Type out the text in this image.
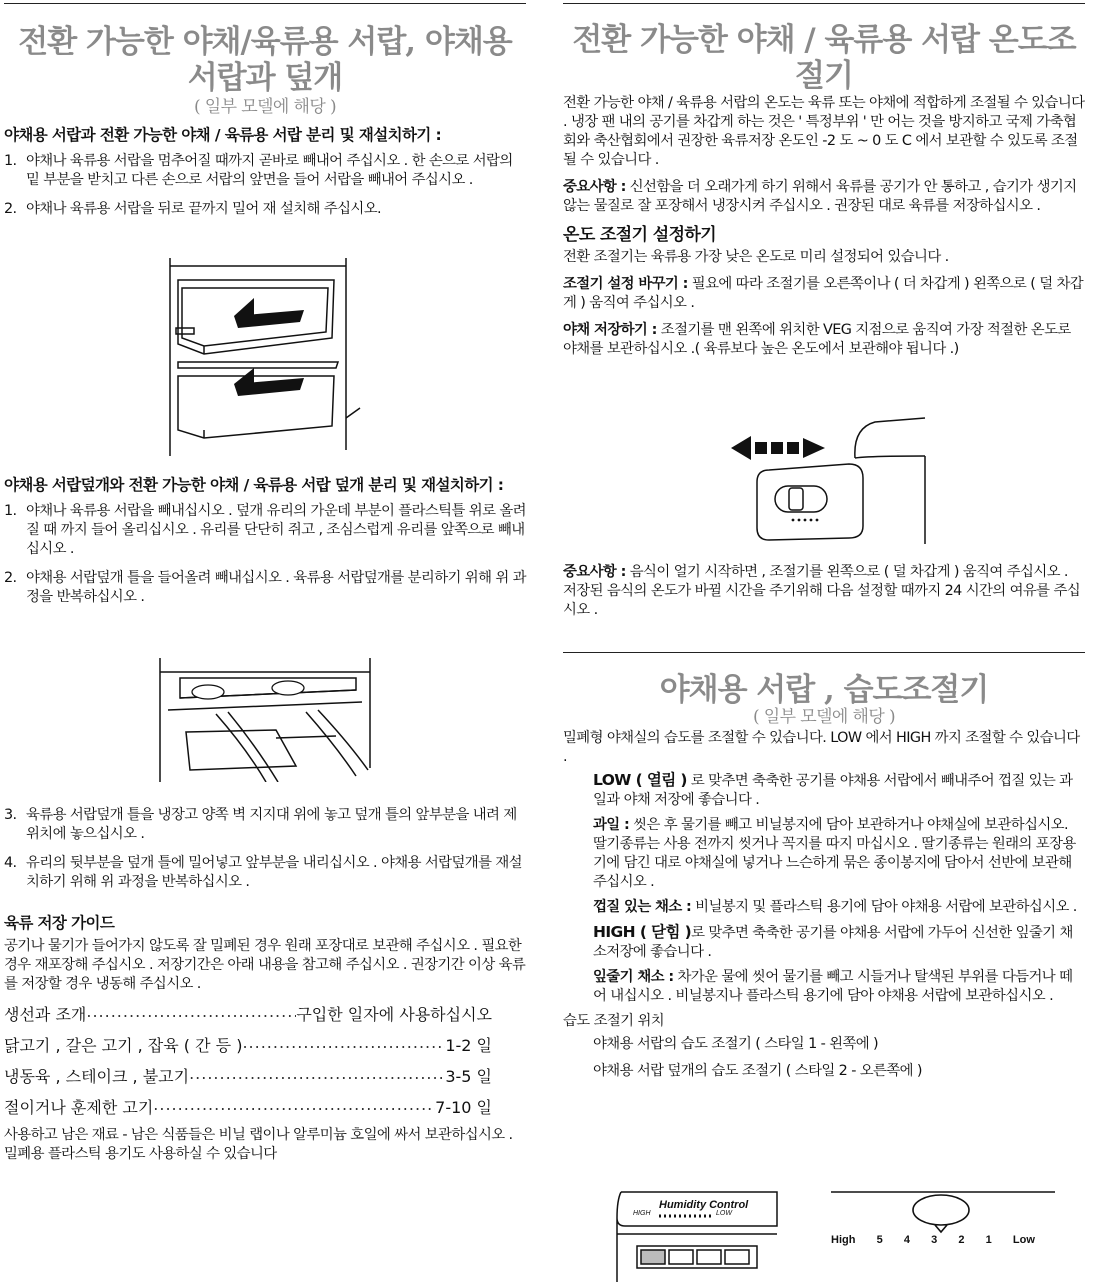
전환 가능한 야채/육류용 서랍, 야채용
서랍과 덮개

( 일부 모델에 해당 )

야채용 서랍과 전환 가능한 야채 / 육류용 서랍 분리 및 재설치하기 :

1. 야채나 육류용 서랍을 멈추어질 때까지 곧바로 빼내어 주십시오 . 한 손으로 서랍의 밑 부분을 받치고 다른 손으로 서랍의 앞면을 들어 서랍을 빼내어 주십시오 .
2. 야채나 육류용 서랍을 뒤로 끝까지 밀어 재 설치해 주십시오.

야채용 서랍덮개와 전환 가능한 야채 / 육류용 서랍 덮개 분리 및 재설치하기 :

1. 야채나 육류용 서랍을 빼내십시오 . 덮개 유리의 가운데 부분이 플라스틱틀 위로 올려질 때 까지 들어 올리십시오 . 유리를 단단히 쥐고 , 조심스럽게 유리를 앞쪽으로 빼내십시오 .
2. 야채용 서랍덮개 틀을 들어올려 빼내십시오 . 육류용 서랍덮개를 분리하기 위해 위 과정을 반복하십시오 .
3. 육류용 서랍덮개 틀을 냉장고 양쪽 벽 지지대 위에 놓고 덮개 틀의 앞부분을 내려 제 위치에 놓으십시오 .
4. 유리의 뒷부분을 덮개 틀에 밀어넣고 앞부분을 내리십시오 . 야채용 서랍덮개를 재설치하기 위해 위 과정을 반복하십시오 .

육류 저장 가이드

공기나 물기가 들어가지 않도록 잘 밀폐된 경우 원래 포장대로 보관해 주십시오 . 필요한 경우 재포장해 주십시오 . 저장기간은 아래 내용을 참고해 주십시오 . 권장기간 이상 육류를 저장할 경우 냉동해 주십시오 .

생선과 조개 .....	구입한 일자에 사용하십시오
닭고기 , 갈은 고기 , 잡육 ( 간 등 ) .....	1-2 일
냉동육 , 스테이크 , 불고기 .....	3-5 일
절이거나 훈제한 고기 .....	7-10 일

사용하고 남은 재료 - 남은 식품들은 비닐 랩이나 알루미늄 호일에 싸서 보관하십시오 . 밀폐용 플라스틱 용기도 사용하실 수 있습니다

전환 가능한 야채 / 육류용 서랍 온도조절기

전환 가능한 야채 / 육류용 서랍의 온도는 육류 또는 야채에 적합하게 조절될 수 있습니다 . 냉장 팬 내의 공기를 차갑게 하는 것은 ' 특정부위 ' 만 어는 것을 방지하고 국제 가축협회와 축산협회에서 권장한 육류저장 온도인 -2 도 ~ 0 도 C 에서 보관할 수 있도록 조절될 수 있습니다 .

중요사항 : 신선함을 더 오래가게 하기 위해서 육류를 공기가 안 통하고 , 습기가 생기지 않는 물질로 잘 포장해서 냉장시켜 주십시오 . 권장된 대로 육류를 저장하십시오 .

온도 조절기 설정하기

전환 조절기는 육류용 가장 낮은 온도로 미리 설정되어 있습니다 .

조절기 설정 바꾸기 : 필요에 따라 조절기를 오른쪽이나 ( 더 차갑게 ) 왼쪽으로 ( 덜 차갑게 ) 움직여 주십시오 .

야채 저장하기 : 조절기를 맨 왼쪽에 위치한 VEG 지점으로 움직여 가장 적절한 온도로 야채를 보관하십시오 .( 육류보다 높은 온도에서 보관해야 됩니다 .)

중요사항 : 음식이 얼기 시작하면 , 조절기를 왼쪽으로 ( 덜 차갑게 ) 움직여 주십시오 . 저장된 음식의 온도가 바뀔 시간을 주기위해 다음 설정할 때까지 24 시간의 여유를 주십시오 .

야채용 서랍 , 습도조절기

( 일부 모델에 해당 )

밀폐형 야채실의 습도를 조절할 수 있습니다. LOW 에서 HIGH 까지 조절할 수 있습니다 .

LOW ( 열림 ) 로 맞추면 축축한 공기를 야채용 서랍에서 빼내주어 껍질 있는 과일과 야채 저장에 좋습니다 .

과일 : 씻은 후 물기를 빼고 비닐봉지에 담아 보관하거나 야채실에 보관하십시오. 딸기종류는 사용 전까지 씻거나 꼭지를 따지 마십시오 . 딸기종류는 원래의 포장용기에 담긴 대로 야채실에 넣거나 느슨하게 묶은 종이봉지에 담아서 선반에 보관해 주십시오 .

껍질 있는 채소 : 비닐봉지 및 플라스틱 용기에 담아 야채용 서랍에 보관하십시오 .

HIGH ( 닫힘 )로 맞추면 축축한 공기를 야채용 서랍에 가두어 신선한 잎줄기 채소저장에 좋습니다 .

잎줄기 채소 : 차가운 물에 씻어 물기를 빼고 시들거나 탈색된 부위를 다듬거나 떼어 내십시오 . 비닐봉지나 플라스틱 용기에 담아 야채용 서랍에 보관하십시오 .

습도 조절기 위치

야채용 서랍의 습도 조절기 ( 스타일 1 - 왼쪽에 )

야채용 서랍 덮개의 습도 조절기 ( 스타일 2 - 오른쪽에 )

Humidity Control
HIGH	LOW
High 5 4 3 2 1 Low
